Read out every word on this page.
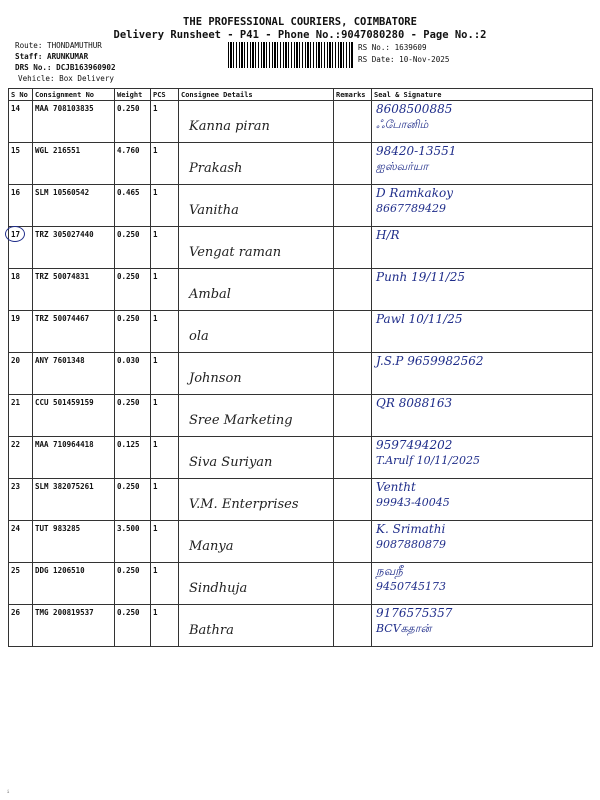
THE PROFESSIONAL COURIERS, COIMBATORE
Delivery Runsheet - P41 - Phone No.:9047080280 - Page No.:2
Route: THONDAMUTHUR
Staff: ARUNKUMAR
DRS No.: DCJB163960902
Vehicle: Box Delivery
RS No.: 1639609
RS Date: 10-Nov-2025
S No	Consignment No	Weight	PCS	Consignee Details	Remarks	Seal & Signature
14	MAA 708103835	0.250	1	Kanna piran		8608500885
ஃபோனிம்

15	WGL 216551	4.760	1	Prakash		98420-13551
ஐஸ்வர்யா

16	SLM 10560542	0.465	1	Vanitha		D Ramkakoy
8667789429

17	TRZ 305027440	0.250	1	Vengat raman		H/R

18	TRZ 50074831	0.250	1	Ambal		Punh 19/11/25

19	TRZ 50074467	0.250	1	ola		Pawl 10/11/25

20	ANY 7601348	0.030	1	Johnson		J.S.P 9659982562

21	CCU 501459159	0.250	1	Sree Marketing		QR 8088163

22	MAA 710964418	0.125	1	Siva Suriyan		9597494202
T.Arulf 10/11/2025

23	SLM 382075261	0.250	1	V.M. Enterprises		Ventht
99943-40045

24	TUT 983285	3.500	1	Manya		K. Srimathi
9087880879

25	DDG 1206510	0.250	1	Sindhuja		நவநீ
9450745173

26	TMG 200819537	0.250	1	Bathra		9176575357
BCVகதான்
ᵢ
